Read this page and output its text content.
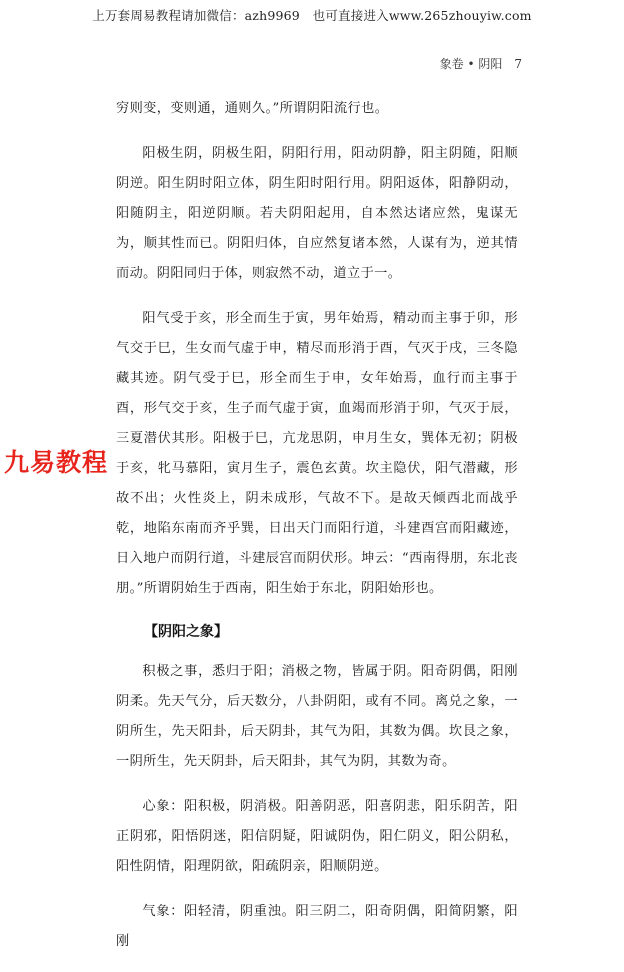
上万套周易教程请加微信：azh9969　也可直接进入www.265zhouyiw.com
象卷 • 阴阳　7
九易教程

穷则变，变则通，通则久。”所谓阴阳流行也。

阳极生阴，阴极生阳，阴阳行用，阳动阴静，阳主阴随，阳顺阴逆。阳生阴时阳立体，阴生阳时阳行用。阴阳返体，阳静阴动，阳随阴主，阳逆阴顺。若夫阴阳起用，自本然达诸应然，鬼谋无为，顺其性而已。阴阳归体，自应然复诸本然，人谋有为，逆其情而动。阴阳同归于体，则寂然不动，道立于一。

阳气受于亥，形全而生于寅，男年始焉，精动而主事于卯，形气交于巳，生女而气虚于申，精尽而形消于酉，气灭于戌，三冬隐藏其迹。阴气受于巳，形全而生于申，女年始焉，血行而主事于酉，形气交于亥，生子而气虚于寅，血竭而形消于卯，气灭于辰，三夏潜伏其形。阳极于巳，亢龙思阴，申月生女，巽体无初；阴极于亥，牝马慕阳，寅月生子，震色玄黄。坎主隐伏，阳气潜藏，形故不出；火性炎上，阴未成形，气故不下。是故天倾西北而战乎乾，地陷东南而齐乎巽，日出天门而阳行道，斗建酉宫而阳藏迹，日入地户而阴行道，斗建辰宫而阴伏形。坤云：“西南得朋，东北丧朋。”所谓阴始生于西南，阳生始于东北，阴阳始形也。

【阴阳之象】

积极之事，悉归于阳；消极之物，皆属于阴。阳奇阴偶，阳刚阴柔。先天气分，后天数分，八卦阴阳，或有不同。离兑之象，一阴所生，先天阳卦，后天阴卦，其气为阳，其数为偶。坎艮之象，一阴所生，先天阴卦，后天阳卦，其气为阴，其数为奇。

心象：阳积极，阴消极。阳善阴恶，阳喜阴悲，阳乐阴苦，阳正阴邪，阳悟阴迷，阳信阴疑，阳诚阴伪，阳仁阴义，阳公阴私，阳性阴情，阳理阴欲，阳疏阴亲，阳顺阴逆。

气象：阳轻清，阴重浊。阳三阴二，阳奇阴偶，阳简阴繁，阳刚
